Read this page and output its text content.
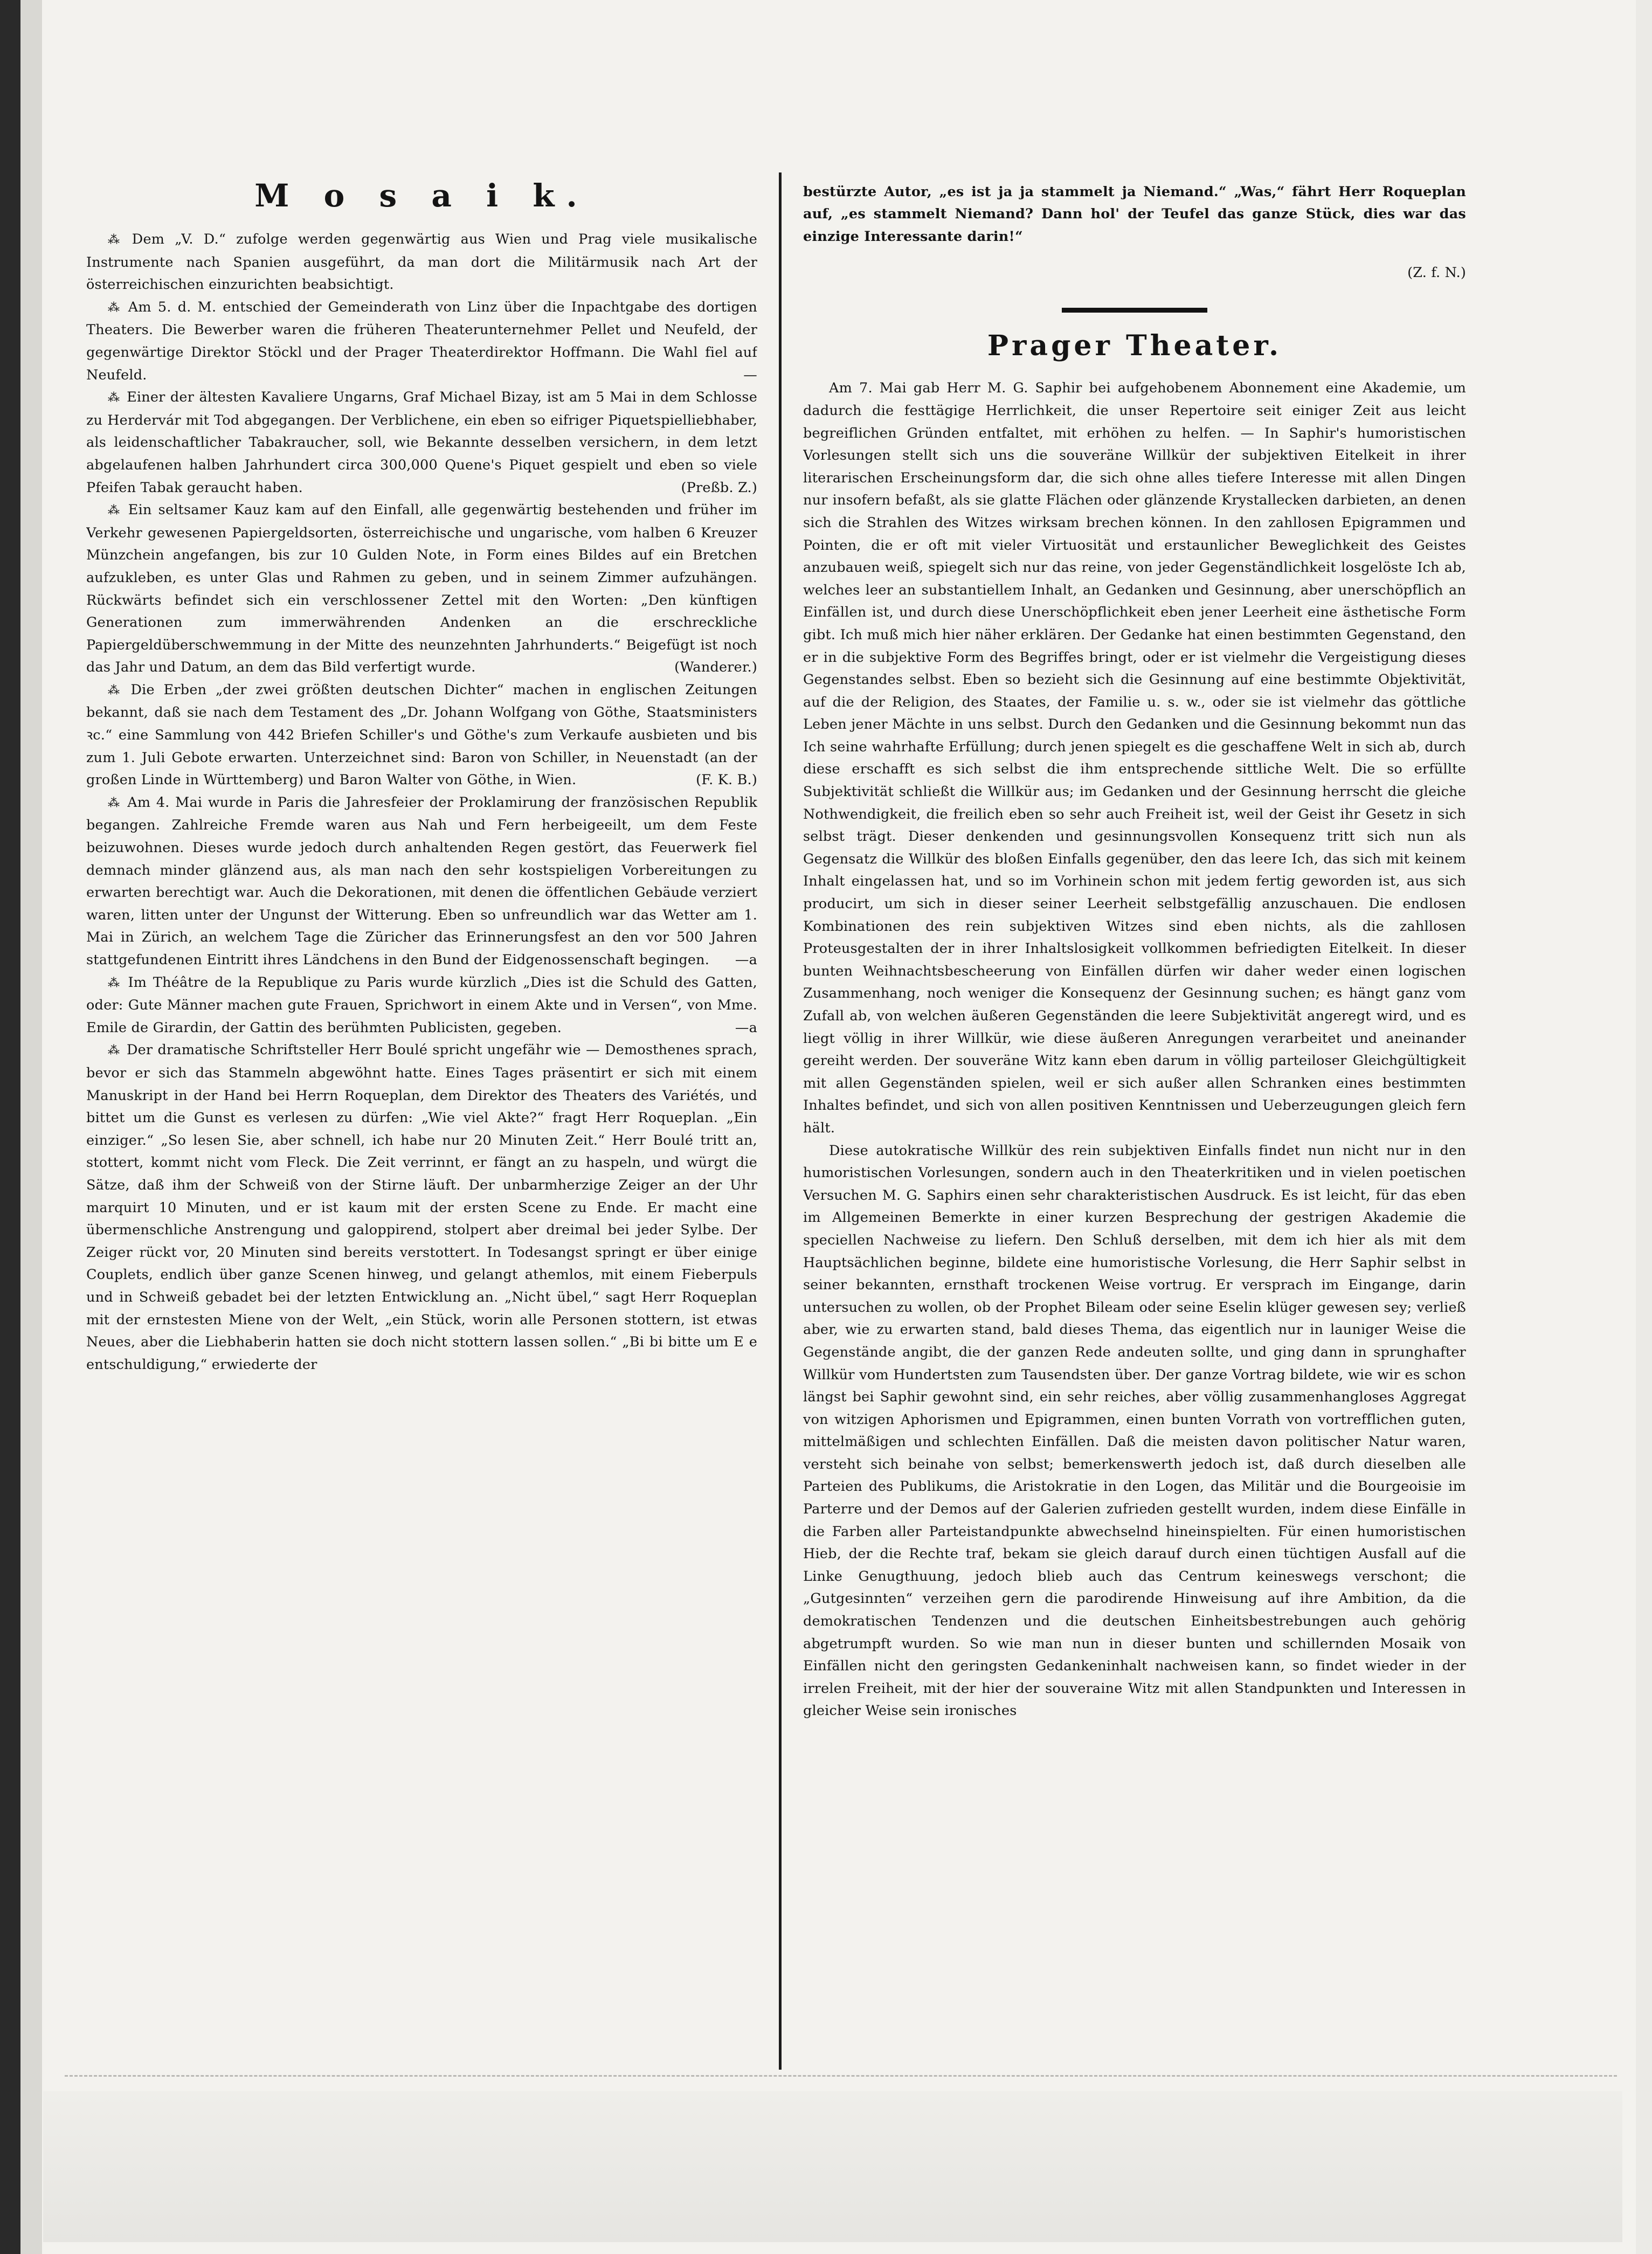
M o s a i k.

⁂ Dem „V. D.“ zufolge werden gegenwärtig aus Wien und Prag viele musikalische Instrumente nach Spanien ausgeführt, da man dort die Militärmusik nach Art der österreichischen einzurichten beabsichtigt.

⁂ Am 5. d. M. entschied der Gemeinderath von Linz über die Inpachtgabe des dortigen Theaters. Die Bewerber waren die früheren Theaterunternehmer Pellet und Neufeld, der gegenwärtige Direktor Stöckl und der Prager Theaterdirektor Hoffmann. Die Wahl fiel auf Neufeld.	—

⁂ Einer der ältesten Kavaliere Ungarns, Graf Michael Bizay, ist am 5 Mai in dem Schlosse zu Herdervár mit Tod abgegangen. Der Verblichene, ein eben so eifriger Piquetspielliebhaber, als leidenschaftlicher Tabakraucher, soll, wie Bekannte desselben versichern, in dem letzt abgelaufenen halben Jahrhundert circa 300,000 Quene's Piquet gespielt und eben so viele Pfeifen Tabak geraucht haben.	(Preßb. Z.)

⁂ Ein seltsamer Kauz kam auf den Einfall, alle gegenwärtig bestehenden und früher im Verkehr gewesenen Papiergeldsorten, österreichische und ungarische, vom halben 6 Kreuzer Münzchein angefangen, bis zur 10 Gulden Note, in Form eines Bildes auf ein Bretchen aufzukleben, es unter Glas und Rahmen zu geben, und in seinem Zimmer aufzuhängen. Rückwärts befindet sich ein verschlossener Zettel mit den Worten: „Den künftigen Generationen zum immerwährenden Andenken an die erschreckliche Papiergeldüberschwemmung in der Mitte des neunzehnten Jahrhunderts.“ Beigefügt ist noch das Jahr und Datum, an dem das Bild verfertigt wurde.	(Wanderer.)

⁂ Die Erben „der zwei größten deutschen Dichter“ machen in englischen Zeitungen bekannt, daß sie nach dem Testament des „Dr. Johann Wolfgang von Göthe, Staatsministers ꝛc.“ eine Sammlung von 442 Briefen Schiller's und Göthe's zum Verkaufe ausbieten und bis zum 1. Juli Gebote erwarten. Unterzeichnet sind: Baron von Schiller, in Neuenstadt (an der großen Linde in Württemberg) und Baron Walter von Göthe, in Wien.	(F. K. B.)

⁂ Am 4. Mai wurde in Paris die Jahresfeier der Proklamirung der französischen Republik begangen. Zahlreiche Fremde waren aus Nah und Fern herbeigeeilt, um dem Feste beizuwohnen. Dieses wurde jedoch durch anhaltenden Regen gestört, das Feuerwerk fiel demnach minder glänzend aus, als man nach den sehr kostspieligen Vorbereitungen zu erwarten berechtigt war. Auch die Dekorationen, mit denen die öffentlichen Gebäude verziert waren, litten unter der Ungunst der Witterung. Eben so unfreundlich war das Wetter am 1. Mai in Zürich, an welchem Tage die Züricher das Erinnerungsfest an den vor 500 Jahren stattgefundenen Eintritt ihres Ländchens in den Bund der Eidgenossenschaft begingen. —a

⁂ Im Théâtre de la Republique zu Paris wurde kürzlich „Dies ist die Schuld des Gatten, oder: Gute Männer machen gute Frauen, Sprichwort in einem Akte und in Versen“, von Mme. Emile de Girardin, der Gattin des berühmten Publicisten, gegeben.	—a

⁂ Der dramatische Schriftsteller Herr Boulé spricht ungefähr wie — Demosthenes sprach, bevor er sich das Stammeln abgewöhnt hatte. Eines Tages präsentirt er sich mit einem Manuskript in der Hand bei Herrn Roqueplan, dem Direktor des Theaters des Variétés, und bittet um die Gunst es verlesen zu dürfen: „Wie viel Akte?“ fragt Herr Roqueplan. „Ein einziger.“ „So lesen Sie, aber schnell, ich habe nur 20 Minuten Zeit.“ Herr Boulé tritt an, stottert, kommt nicht vom Fleck. Die Zeit verrinnt, er fängt an zu haspeln, und würgt die Sätze, daß ihm der Schweiß von der Stirne läuft. Der unbarmherzige Zeiger an der Uhr marquirt 10 Minuten, und er ist kaum mit der ersten Scene zu Ende. Er macht eine übermenschliche Anstrengung und galoppirend, stolpert aber dreimal bei jeder Sylbe. Der Zeiger rückt vor, 20 Minuten sind bereits verstottert. In Todesangst springt er über einige Couplets, endlich über ganze Scenen hinweg, und gelangt athemlos, mit einem Fieberpuls und in Schweiß gebadet bei der letzten Entwicklung an. „Nicht übel,“ sagt Herr Roqueplan mit der ernstesten Miene von der Welt, „ein Stück, worin alle Personen stottern, ist etwas Neues, aber die Liebhaberin hatten sie doch nicht stottern lassen sollen.“ „Bi bi bitte um E e entschuldigung,“ erwiederte der

bestürzte Autor, „es ist ja ja stammelt ja Niemand.“ „Was,“ fährt Herr Roqueplan auf, „es stammelt Niemand? Dann hol' der Teufel das ganze Stück, dies war das einzige Interessante darin!“

(Z. f. N.)
Prager Theater.

Am 7. Mai gab Herr M. G. Saphir bei aufgehobenem Abonnement eine Akademie, um dadurch die festtägige Herrlichkeit, die unser Repertoire seit einiger Zeit aus leicht begreiflichen Gründen entfaltet, mit erhöhen zu helfen. — In Saphir's humoristischen Vorlesungen stellt sich uns die souveräne Willkür der subjektiven Eitelkeit in ihrer literarischen Erscheinungsform dar, die sich ohne alles tiefere Interesse mit allen Dingen nur insofern befaßt, als sie glatte Flächen oder glänzende Krystallecken darbieten, an denen sich die Strahlen des Witzes wirksam brechen können. In den zahllosen Epigrammen und Pointen, die er oft mit vieler Virtuosität und erstaunlicher Beweglichkeit des Geistes anzubauen weiß, spiegelt sich nur das reine, von jeder Gegenständlichkeit losgelöste Ich ab, welches leer an substantiellem Inhalt, an Gedanken und Gesinnung, aber unerschöpflich an Einfällen ist, und durch diese Unerschöpflichkeit eben jener Leerheit eine ästhetische Form gibt. Ich muß mich hier näher erklären. Der Gedanke hat einen bestimmten Gegenstand, den er in die subjektive Form des Begriffes bringt, oder er ist vielmehr die Vergeistigung dieses Gegenstandes selbst. Eben so bezieht sich die Gesinnung auf eine bestimmte Objektivität, auf die der Religion, des Staates, der Familie u. s. w., oder sie ist vielmehr das göttliche Leben jener Mächte in uns selbst. Durch den Gedanken und die Gesinnung bekommt nun das Ich seine wahrhafte Erfüllung; durch jenen spiegelt es die geschaffene Welt in sich ab, durch diese erschafft es sich selbst die ihm entsprechende sittliche Welt. Die so erfüllte Subjektivität schließt die Willkür aus; im Gedanken und der Gesinnung herrscht die gleiche Nothwendigkeit, die freilich eben so sehr auch Freiheit ist, weil der Geist ihr Gesetz in sich selbst trägt. Dieser denkenden und gesinnungsvollen Konsequenz tritt sich nun als Gegensatz die Willkür des bloßen Einfalls gegenüber, den das leere Ich, das sich mit keinem Inhalt eingelassen hat, und so im Vorhinein schon mit jedem fertig geworden ist, aus sich producirt, um sich in dieser seiner Leerheit selbstgefällig anzuschauen. Die endlosen Kombinationen des rein subjektiven Witzes sind eben nichts, als die zahllosen Proteusgestalten der in ihrer Inhaltslosigkeit vollkommen befriedigten Eitelkeit. In dieser bunten Weihnachtsbescheerung von Einfällen dürfen wir daher weder einen logischen Zusammenhang, noch weniger die Konsequenz der Gesinnung suchen; es hängt ganz vom Zufall ab, von welchen äußeren Gegenständen die leere Subjektivität angeregt wird, und es liegt völlig in ihrer Willkür, wie diese äußeren Anregungen verarbeitet und aneinander gereiht werden. Der souveräne Witz kann eben darum in völlig parteiloser Gleichgültigkeit mit allen Gegenständen spielen, weil er sich außer allen Schranken eines bestimmten Inhaltes befindet, und sich von allen positiven Kenntnissen und Ueberzeugungen gleich fern hält.

Diese autokratische Willkür des rein subjektiven Einfalls findet nun nicht nur in den humoristischen Vorlesungen, sondern auch in den Theaterkritiken und in vielen poetischen Versuchen M. G. Saphirs einen sehr charakteristischen Ausdruck. Es ist leicht, für das eben im Allgemeinen Bemerkte in einer kurzen Besprechung der gestrigen Akademie die speciellen Nachweise zu liefern. Den Schluß derselben, mit dem ich hier als mit dem Hauptsächlichen beginne, bildete eine humoristische Vorlesung, die Herr Saphir selbst in seiner bekannten, ernsthaft trockenen Weise vortrug. Er versprach im Eingange, darin untersuchen zu wollen, ob der Prophet Bileam oder seine Eselin klüger gewesen sey; verließ aber, wie zu erwarten stand, bald dieses Thema, das eigentlich nur in launiger Weise die Gegenstände angibt, die der ganzen Rede andeuten sollte, und ging dann in sprunghafter Willkür vom Hundertsten zum Tausendsten über. Der ganze Vortrag bildete, wie wir es schon längst bei Saphir gewohnt sind, ein sehr reiches, aber völlig zusammenhangloses Aggregat von witzigen Aphorismen und Epigrammen, einen bunten Vorrath von vortrefflichen guten, mittelmäßigen und schlechten Einfällen. Daß die meisten davon politischer Natur waren, versteht sich beinahe von selbst; bemerkenswerth jedoch ist, daß durch dieselben alle Parteien des Publikums, die Aristokratie in den Logen, das Militär und die Bourgeoisie im Parterre und der Demos auf der Galerien zufrieden gestellt wurden, indem diese Einfälle in die Farben aller Parteistandpunkte abwechselnd hineinspielten. Für einen humoristischen Hieb, der die Rechte traf, bekam sie gleich darauf durch einen tüchtigen Ausfall auf die Linke Genugthuung, jedoch blieb auch das Centrum keineswegs verschont; die „Gutgesinnten“ verzeihen gern die parodirende Hinweisung auf ihre Ambition, da die demokratischen Tendenzen und die deutschen Einheitsbestrebungen auch gehörig abgetrumpft wurden. So wie man nun in dieser bunten und schillernden Mosaik von Einfällen nicht den geringsten Gedankeninhalt nachweisen kann, so findet wieder in der irrelen Freiheit, mit der hier der souveraine Witz mit allen Standpunkten und Interessen in gleicher Weise sein ironisches
